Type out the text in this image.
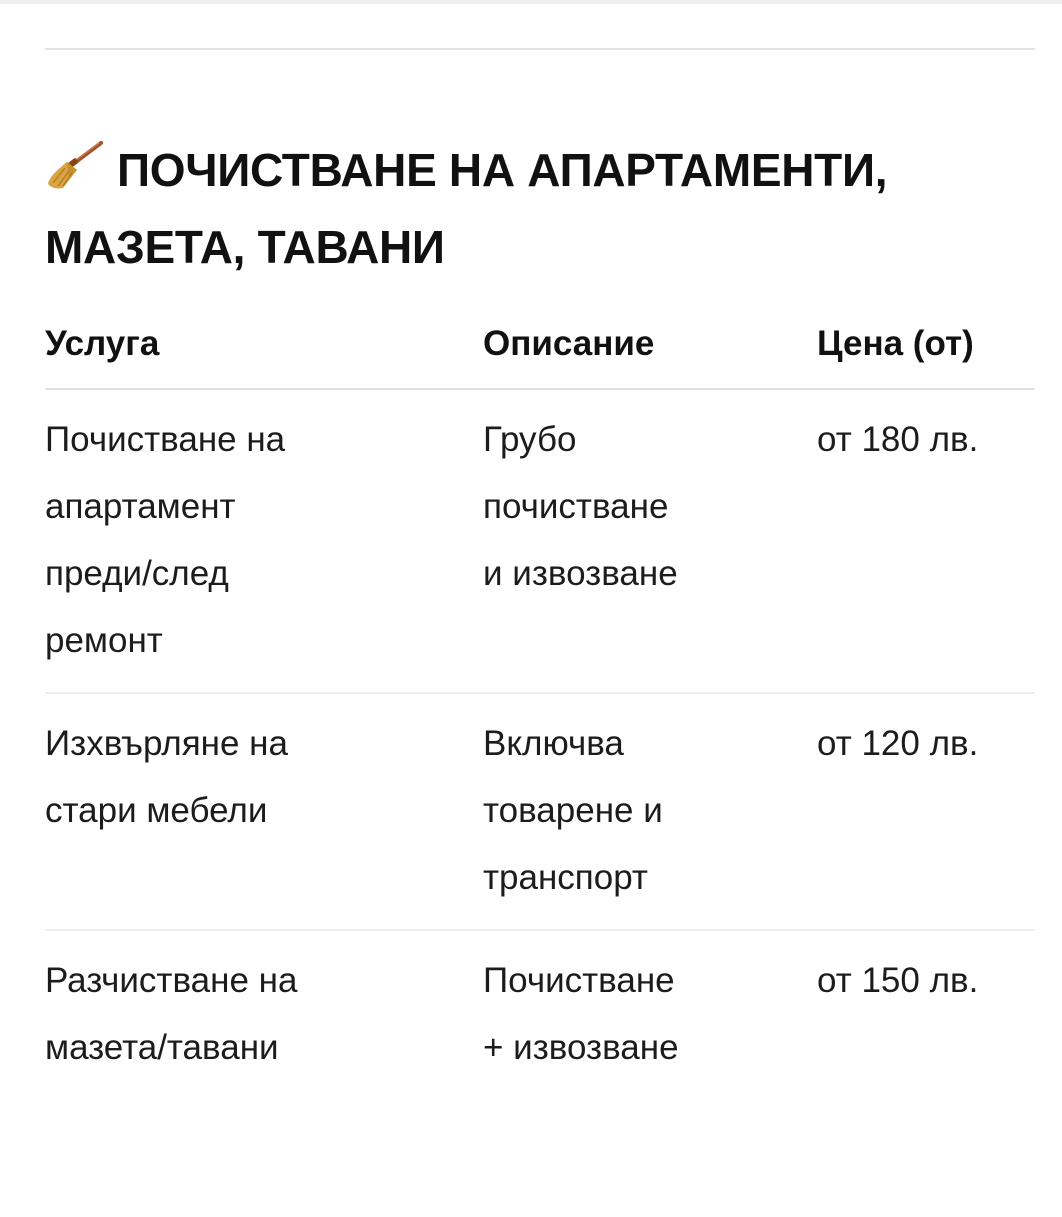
ПОЧИСТВАНЕ НА АПАРТАМЕНТИ,
МАЗЕТА, ТАВАНИ
Услуга	Описание	Цена (от)
Почистване на
апартамент
преди/след
ремонт
Грубо
почистване
и извозване
от 180 лв.
Изхвърляне на
стари мебели
Включва
товарене и
транспорт
от 120 лв.
Разчистване на
мазета/тавани
Почистване
+ извозване
от 150 лв.
